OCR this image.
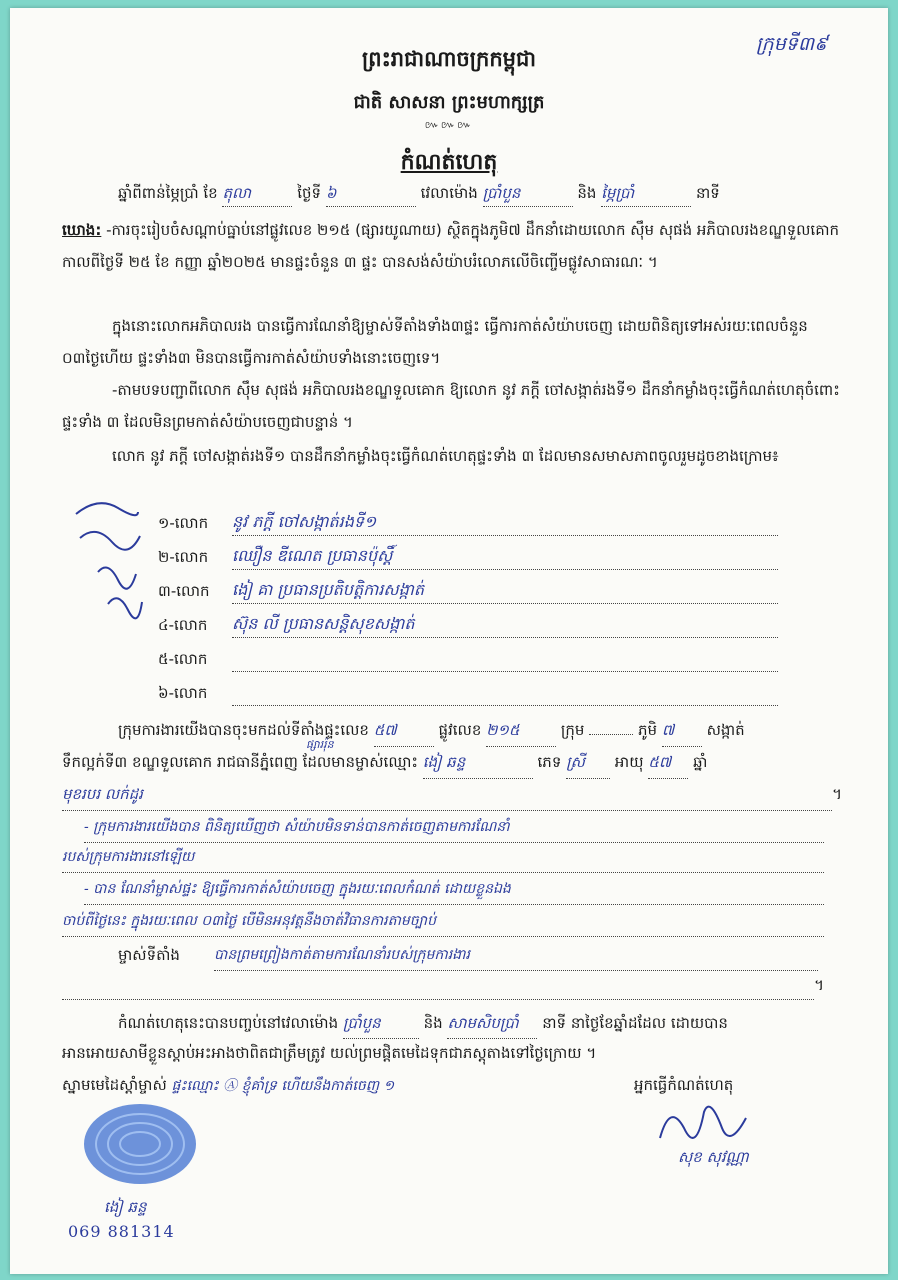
ក្រុមទី៣៩
ព្រះរាជាណាចក្រកម្ពុជា
ជាតិ សាសនា ព្រះមហាក្សត្រ
៚៚៚
កំណត់ហេតុ
ឆ្នាំពីពាន់ម្ភៃប្រាំ ខែ តុលា	ថ្ងៃទី ៦	វេលាម៉ោង ប្រាំបួន	និង ម្ភៃប្រាំ	នាទី
ឃោង: -ការចុះរៀបចំសណ្តាប់ធ្នាប់នៅផ្លូវលេខ ២១៥ (ផ្សារយូណាយ) ស្ថិតក្នុងភូមិ៧ ដឹកនាំដោយលោក ស៊ឹម សុផង់ អភិបាលរងខណ្ឌទួលគោក កាលពីថ្ងៃទី ២៥ ខែ កញ្ញា ឆ្នាំ២០២៥ មានផ្ទះចំនួន ៣ ផ្ទះ បានសង់សំយ៉ាបរំលោភលើចិញ្ចើមផ្លូវសាធារណៈ ។
ក្នុងនោះលោកអភិបាលរង បានធ្វើការណែនាំឱ្យម្ចាស់ទីតាំងទាំង៣ផ្ទះ ធ្វើការកាត់សំយ៉ាបចេញ ដោយពិនិត្យទៅអស់រយៈពេលចំនួន ០៣ថ្ងៃហើយ ផ្ទះទាំង៣ មិនបានធ្វើការកាត់សំយ៉ាបទាំងនោះចេញទេ។
-តាមបទបញ្ជាពីលោក ស៊ឹម សុផង់ អភិបាលរងខណ្ឌទួលគោក ឱ្យលោក នូវ ភក្តី ចៅសង្កាត់រងទី១ ដឹកនាំកម្លាំងចុះធ្វើកំណត់ហេតុចំពោះផ្ទះទាំង ៣ ដែលមិនព្រមកាត់សំយ៉ាបចេញជាបន្ទាន់ ។
លោក នូវ ភក្តី ចៅសង្កាត់រងទី១ បានដឹកនាំកម្លាំងចុះធ្វើកំណត់ហេតុផ្ទះទាំង ៣ ដែលមានសមាសភាពចូលរួមដូចខាងក្រោម៖
១-លោក	នូវ ភក្តី ចៅសង្កាត់រងទី១
២-លោក	ឈឿន ឌីណេត ប្រធានប៉ុស្តិ៍
៣-លោក	ងៀ គា ប្រធានប្រតិបត្តិការសង្កាត់
៤-លោក	ស៊ុន លី ប្រធានសន្តិសុខសង្កាត់
៥-លោក
៦-លោក
ក្រុមការងារយើងបានចុះមកដល់ទីតាំងផ្ទះលេខ ៥៧	ផ្លូវលេខ ២១៥	ក្រុម	ភូមិ ៧ សង្កាត់
ផ្សាររ៉ុន
ទឹកល្អក់ទី៣ ខណ្ឌទួលគោក រាជធានីភ្នំពេញ ដែលមានម្ចាស់ឈ្មោះ ងៀ ឆន្ទ	ភេទ ស្រី អាយុ ៥៧ ឆ្នាំ
មុខរបរ លក់ដូរ	។
- ក្រុមការងារយើងបាន ពិនិត្យឃើញថា សំយ៉ាបមិនទាន់បានកាត់ចេញតាមការណែនាំ
របស់ក្រុមការងារនៅឡើយ
- បាន ណែនាំម្ចាស់ផ្ទះ ឱ្យធ្វើការកាត់សំយ៉ាបចេញ ក្នុងរយៈពេលកំណត់ ដោយខ្លួនឯង
ចាប់ពីថ្ងៃនេះ ក្នុងរយៈពេល ០៣ថ្ងៃ បើមិនអនុវត្តនឹងចាត់វិធានការតាមច្បាប់
ម្ចាស់ទីតាំង	បានព្រមព្រៀងកាត់តាមការណែនាំរបស់ក្រុមការងារ
។
កំណត់ហេតុនេះបានបញ្ចប់នៅវេលាម៉ោង ប្រាំបួន	និង សាមសិបប្រាំ នាទី នាថ្ងៃខែឆ្នាំដដែល ដោយបាន
អានអោយសាមីខ្លួនស្តាប់អះអាងថាពិតជាត្រឹមត្រូវ យល់ព្រមផ្តិតមេដៃទុកជាភស្តុតាងទៅថ្ងៃក្រោយ ។
ស្នាមមេដៃស្តាំម្ចាស់ ផ្ទះឈ្មោះ Ⓐ ខ្ញុំគាំទ្រ ហើយនឹងកាត់ចេញ ១	អ្នកធ្វើកំណត់ហេតុ
សុខ សុវណ្ណា
ងៀ ឆន្ទ
069 881314
